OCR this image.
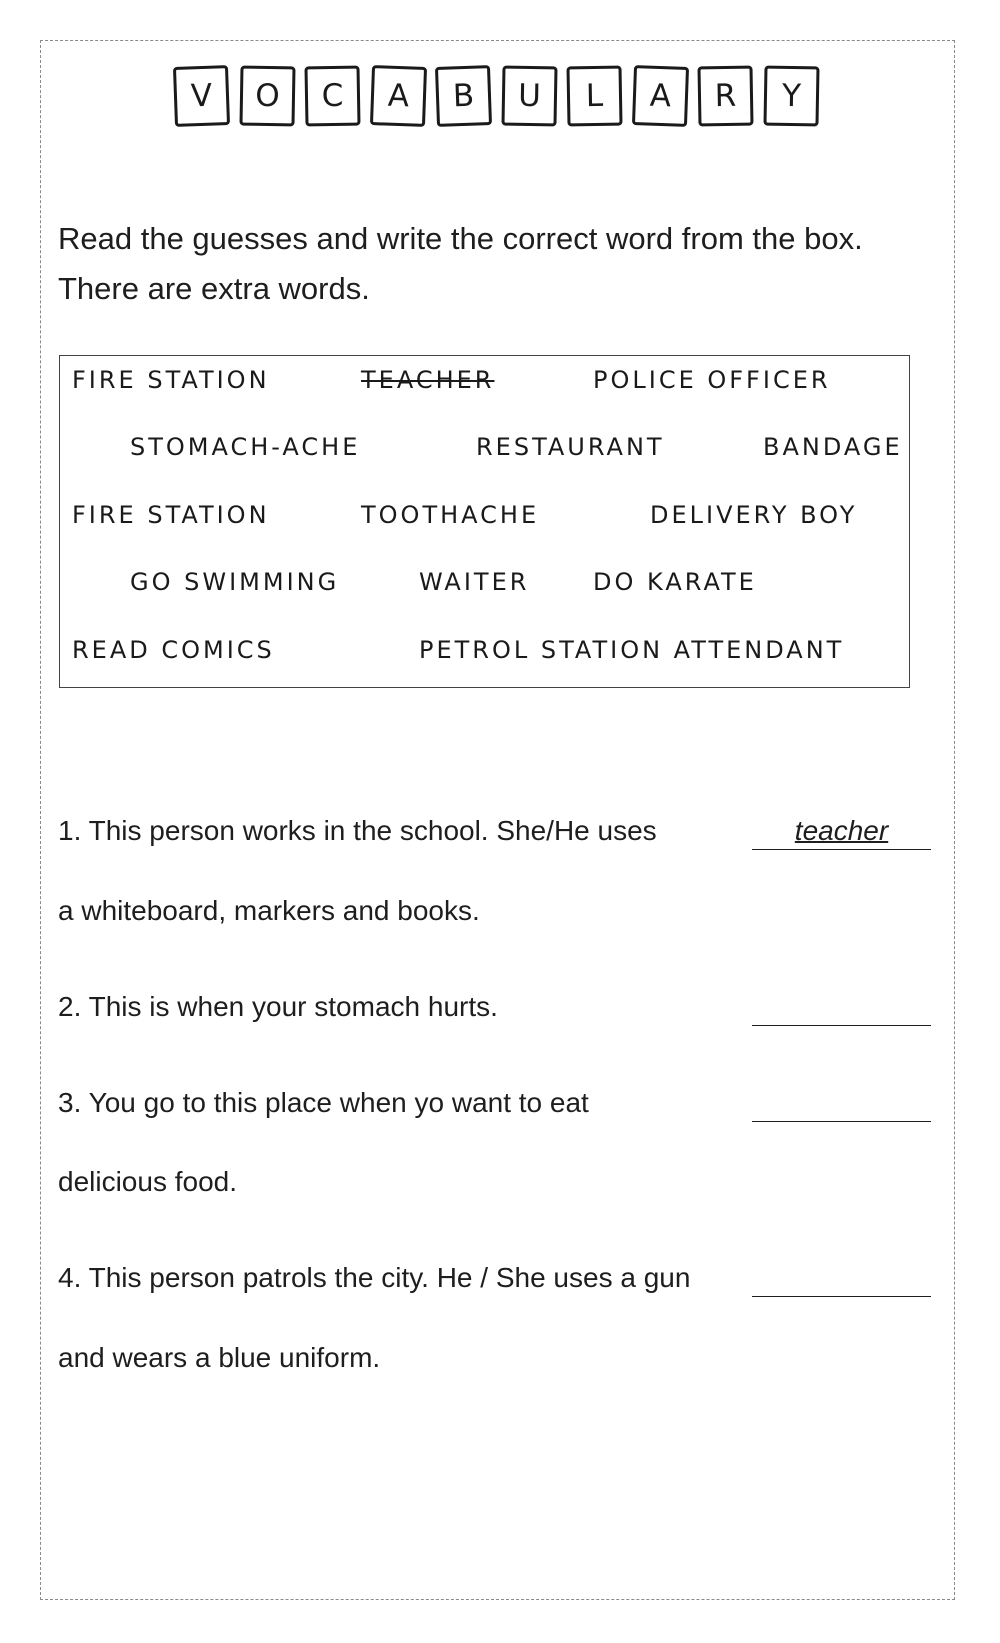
V O C A B U L A R Y
Read the guesses and write the correct word from the box.
There are extra words.
FIRE STATION	TEACHER	POLICE OFFICER
STOMACH-ACHE	RESTAURANT	BANDAGE
FIRE STATION	TOOTHACHE	DELIVERY BOY
GO SWIMMING	WAITER	DO KARATE
READ COMICS	PETROL STATION ATTENDANT
1. This person works in the school. She/He uses	teacher
a whiteboard, markers and books.
2. This is when your stomach hurts.
3. You go to this place when yo want to eat
delicious food.
4. This person patrols the city. He / She uses a gun
and wears a blue uniform.
